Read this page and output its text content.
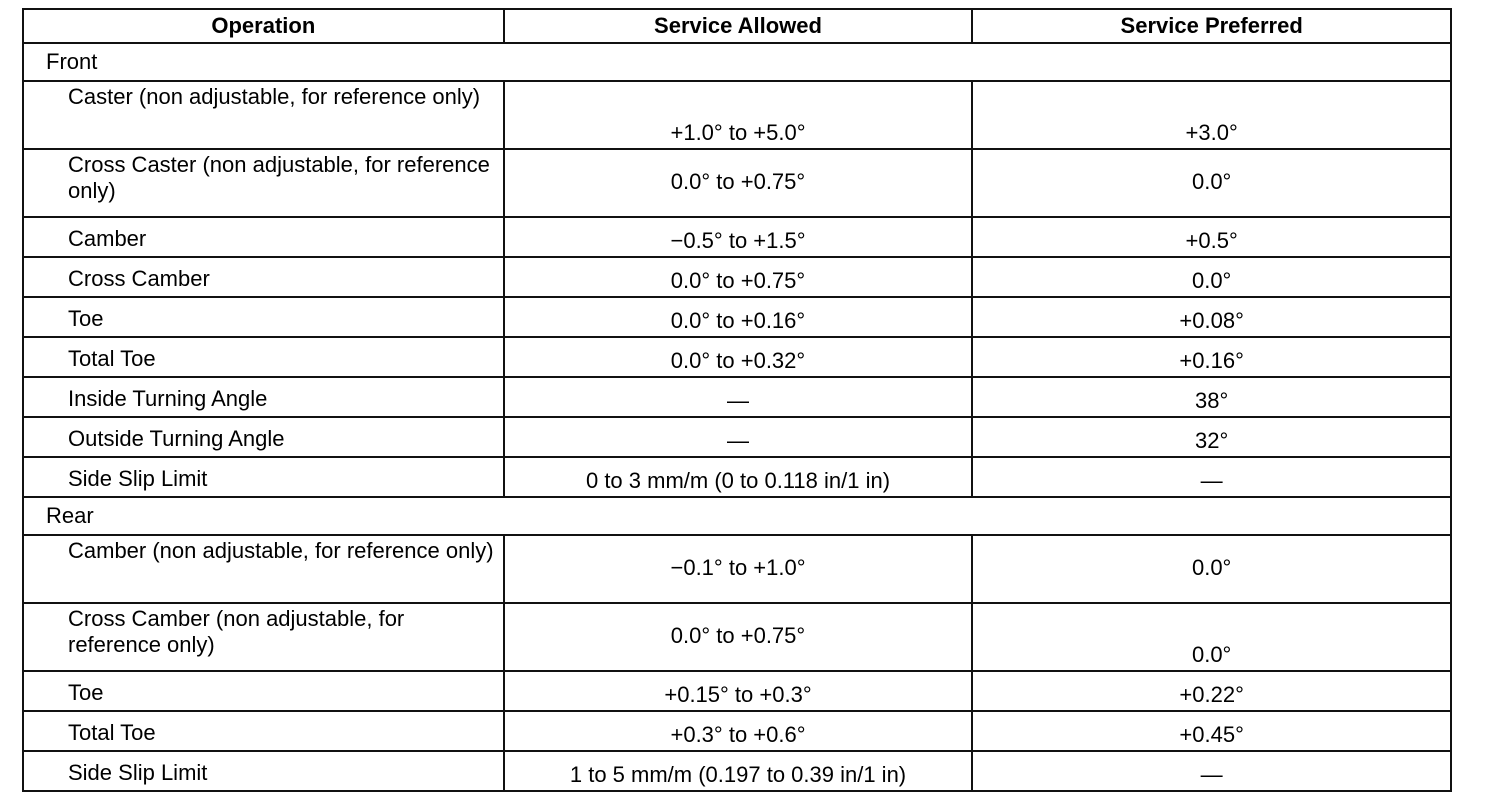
Operation	Service Allowed	Service Preferred
Front		
Caster (non adjustable, for reference only)	+1.0° to +5.0°	+3.0°
Cross Caster (non adjustable, for reference only)	0.0° to +0.75°	0.0°
Camber	−0.5° to +1.5°	+0.5°
Cross Camber	0.0° to +0.75°	0.0°
Toe	0.0° to +0.16°	+0.08°
Total Toe	0.0° to +0.32°	+0.16°
Inside Turning Angle	—	38°
Outside Turning Angle	—	32°
Side Slip Limit	0 to 3 mm/m (0 to 0.118 in/1 in)	—
Rear		
Camber (non adjustable, for reference only)	−0.1° to +1.0°	0.0°
Cross Camber (non adjustable, for reference only)	0.0° to +0.75°	0.0°
Toe	+0.15° to +0.3°	+0.22°
Total Toe	+0.3° to +0.6°	+0.45°
Side Slip Limit	1 to 5 mm/m (0.197 to 0.39 in/1 in)	—
